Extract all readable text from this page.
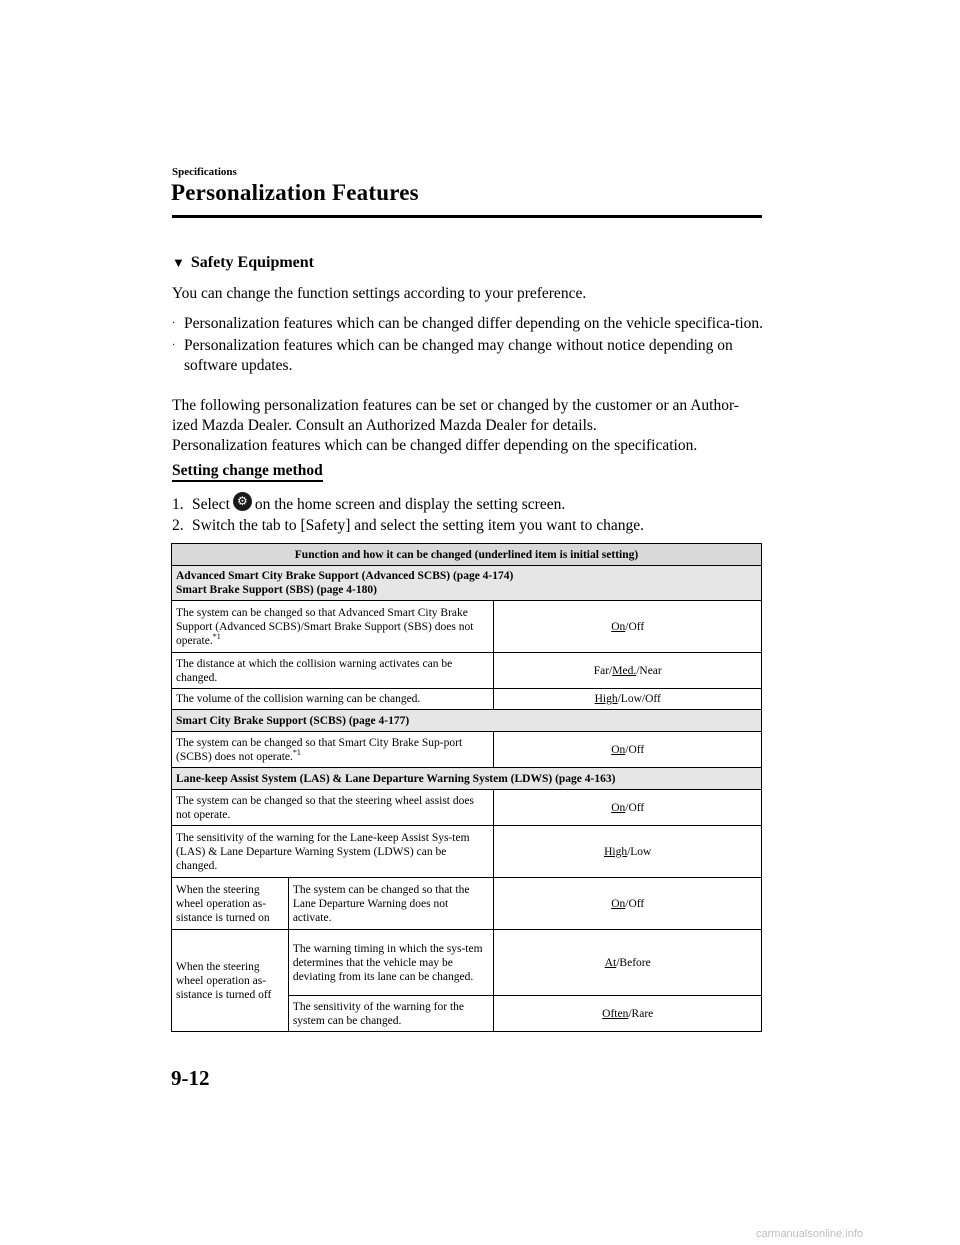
Specifications
Personalization Features
▼ Safety Equipment
You can change the function settings according to your preference.
· Personalization features which can be changed differ depending on the vehicle specifica-tion.
· Personalization features which can be changed may change without notice depending on software updates.
The following personalization features can be set or changed by the customer or an Author-ized Mazda Dealer. Consult an Authorized Mazda Dealer for details.
Personalization features which can be changed differ depending on the specification.
Setting change method
1. Select ⚙ on the home screen and display the setting screen.
2. Switch the tab to [Safety] and select the setting item you want to change.
Function and how it can be changed (underlined item is initial setting)		

Advanced Smart City Brake Support (Advanced SCBS) (page 4-174)
Smart Brake Support (SBS) (page 4-180)		

The system can be changed so that Advanced Smart City Brake Support (Advanced SCBS)/Smart Brake Support (SBS) does not operate.$^{*1}$		On/Off
The distance at which the collision warning activates can be changed.		Far/Med./Near
The volume of the collision warning can be changed.		High/Low/Off
Smart City Brake Support (SCBS) (page 4-177)		
The system can be changed so that Smart City Brake Sup-port (SCBS) does not operate.$^{*1}$		On/Off
Lane-keep Assist System (LAS) & Lane Departure Warning System (LDWS) (page 4-163)		
The system can be changed so that the steering wheel assist does not operate.		On/Off
The sensitivity of the warning for the Lane-keep Assist Sys-tem (LAS) & Lane Departure Warning System (LDWS) can be changed.		High/Low
When the steering wheel operation as-sistance is turned on	The system can be changed so that the Lane Departure Warning does not activate.	On/Off
When the steering wheel operation as-sistance is turned off	The warning timing in which the sys-tem determines that the vehicle may be deviating from its lane can be changed.	At/Before
	The sensitivity of the warning for the system can be changed.	Often/Rare
9-12
carmanualsonline.info
